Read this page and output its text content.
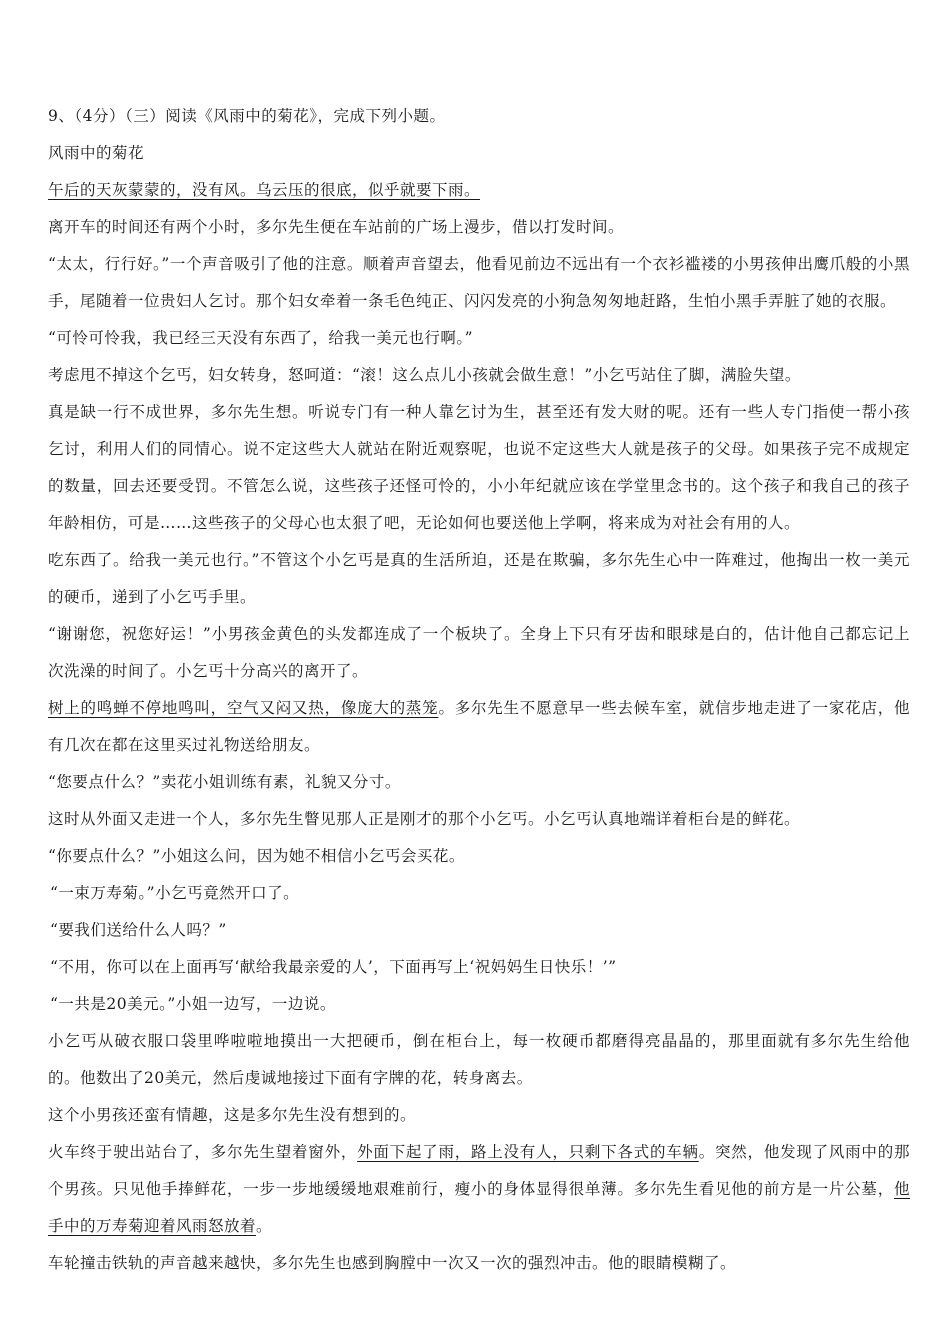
9、（4分）（三）阅读《风雨中的菊花》，完成下列小题。

风雨中的菊花

午后的天灰蒙蒙的，没有风。乌云压的很底，似乎就要下雨。

离开车的时间还有两个小时，多尔先生便在车站前的广场上漫步，借以打发时间。

“太太，行行好。”一个声音吸引了他的注意。顺着声音望去，他看见前边不远出有一个衣衫褴褛的小男孩伸出鹰爪般的小黑手，尾随着一位贵妇人乞讨。那个妇女牵着一条毛色纯正、闪闪发亮的小狗急匆匆地赶路，生怕小黑手弄脏了她的衣服。

“可怜可怜我，我已经三天没有东西了，给我一美元也行啊。”

考虑甩不掉这个乞丐，妇女转身，怒呵道：“滚！这么点儿小孩就会做生意！”小乞丐站住了脚，满脸失望。

真是缺一行不成世界，多尔先生想。听说专门有一种人靠乞讨为生，甚至还有发大财的呢。还有一些人专门指使一帮小孩乞讨，利用人们的同情心。说不定这些大人就站在附近观察呢，也说不定这些大人就是孩子的父母。如果孩子完不成规定的数量，回去还要受罚。不管怎么说，这些孩子还怪可怜的，小小年纪就应该在学堂里念书的。这个孩子和我自己的孩子年龄相仿，可是……这些孩子的父母心也太狠了吧，无论如何也要送他上学啊，将来成为对社会有用的人。

吃东西了。给我一美元也行。”不管这个小乞丐是真的生活所迫，还是在欺骗，多尔先生心中一阵难过，他掏出一枚一美元的硬币，递到了小乞丐手里。

“谢谢您，祝您好运！”小男孩金黄色的头发都连成了一个板块了。全身上下只有牙齿和眼球是白的，估计他自己都忘记上次洗澡的时间了。小乞丐十分高兴的离开了。

树上的鸣蝉不停地鸣叫，空气又闷又热，像庞大的蒸笼。多尔先生不愿意早一些去候车室，就信步地走进了一家花店，他有几次在都在这里买过礼物送给朋友。

“您要点什么？”卖花小姐训练有素，礼貌又分寸。

这时从外面又走进一个人，多尔先生瞥见那人正是刚才的那个小乞丐。小乞丐认真地端详着柜台是的鲜花。

“你要点什么？”小姐这么问，因为她不相信小乞丐会买花。

“一束万寿菊。”小乞丐竟然开口了。

“要我们送给什么人吗？”

“不用，你可以在上面再写‘献给我最亲爱的人’，下面再写上‘祝妈妈生日快乐！’”

“一共是20美元。”小姐一边写，一边说。

小乞丐从破衣服口袋里哗啦啦地摸出一大把硬币，倒在柜台上，每一枚硬币都磨得亮晶晶的，那里面就有多尔先生给他的。他数出了20美元，然后虔诚地接过下面有字牌的花，转身离去。

这个小男孩还蛮有情趣，这是多尔先生没有想到的。

火车终于驶出站台了，多尔先生望着窗外，外面下起了雨，路上没有人，只剩下各式的车辆。突然，他发现了风雨中的那个男孩。只见他手捧鲜花，一步一步地缓缓地艰难前行，瘦小的身体显得很单薄。多尔先生看见他的前方是一片公墓，他手中的万寿菊迎着风雨怒放着。

车轮撞击铁轨的声音越来越快，多尔先生也感到胸膛中一次又一次的强烈冲击。他的眼睛模糊了。
